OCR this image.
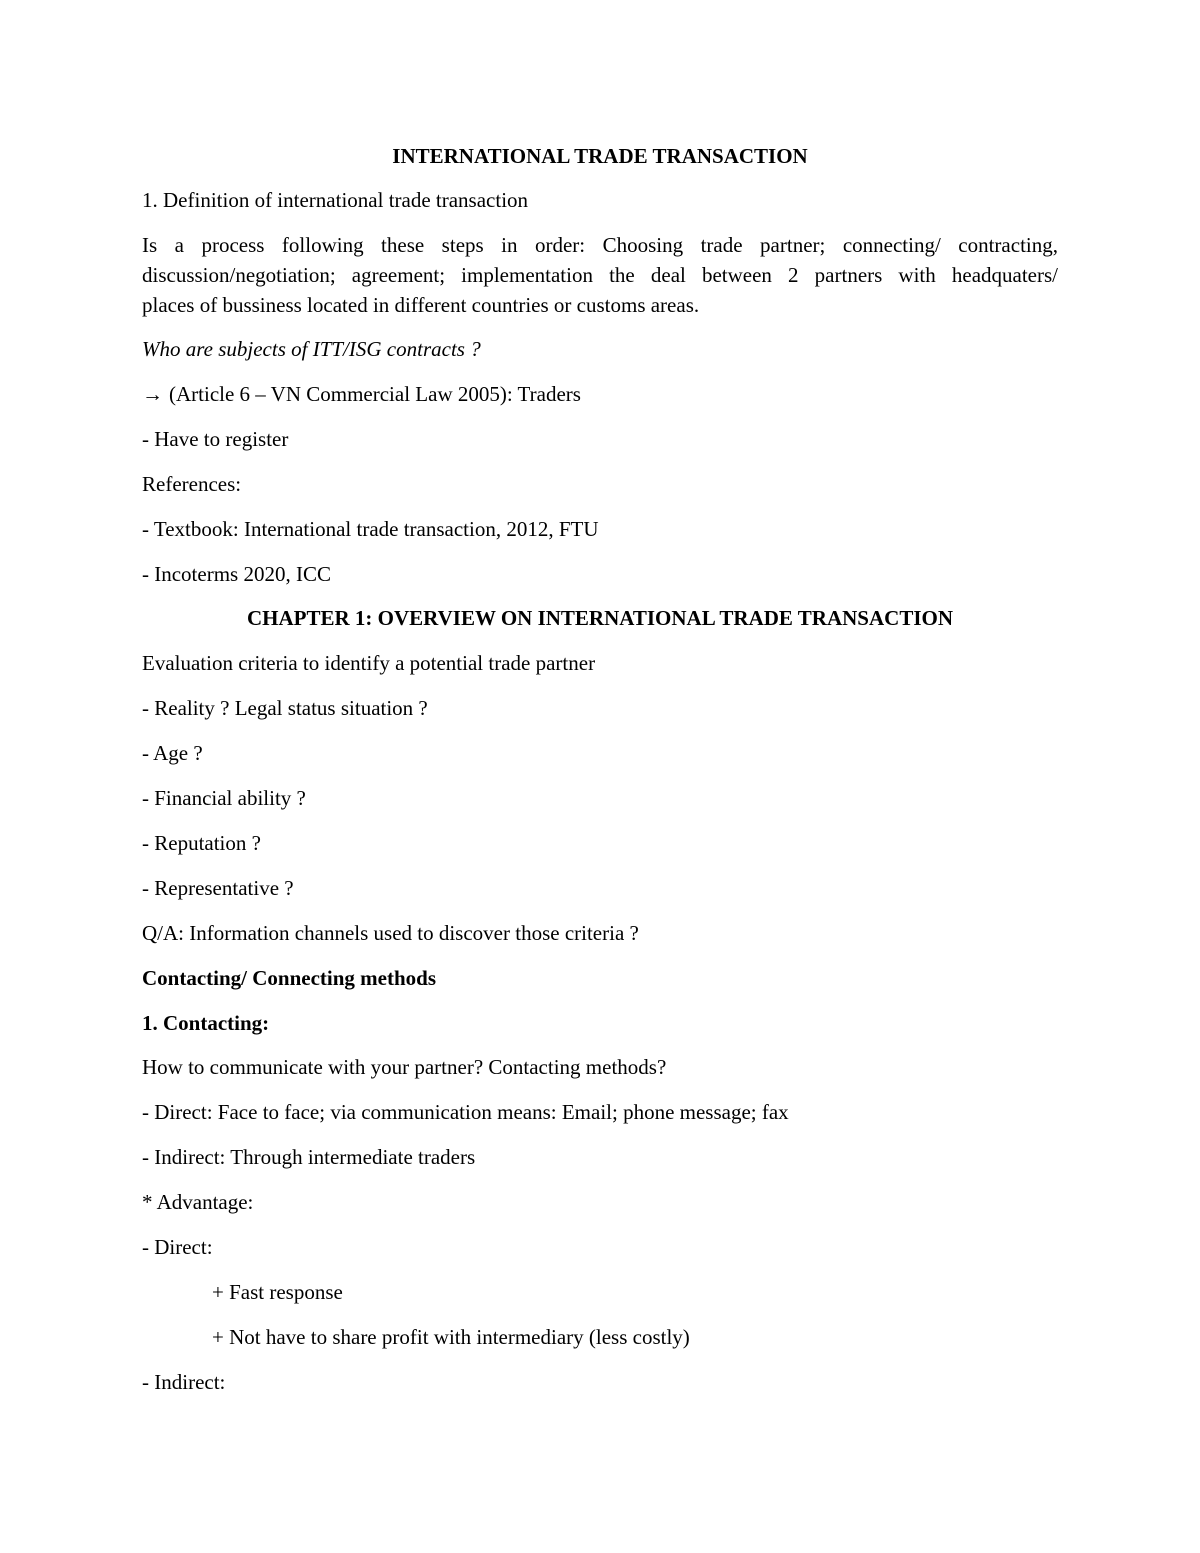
INTERNATIONAL TRADE TRANSACTION

1. Definition of international trade transaction

Is a process following these steps in order: Choosing trade partner; connecting/ contracting,

discussion/negotiation; agreement; implementation the deal between 2 partners with headquaters/

places of bussiness located in different countries or customs areas.

Who are subjects of ITT/ISG contracts ?

→ (Article 6 – VN Commercial Law 2005): Traders

- Have to register

References:

- Textbook: International trade transaction, 2012, FTU

- Incoterms 2020, ICC

CHAPTER 1: OVERVIEW ON INTERNATIONAL TRADE TRANSACTION

Evaluation criteria to identify a potential trade partner

- Reality ? Legal status situation ?

- Age ?

- Financial ability ?

- Reputation ?

- Representative ?

Q/A: Information channels used to discover those criteria ?

Contacting/ Connecting methods

1. Contacting:

How to communicate with your partner? Contacting methods?

- Direct: Face to face; via communication means: Email; phone message; fax

- Indirect: Through intermediate traders

* Advantage:

- Direct:

+ Fast response

+ Not have to share profit with intermediary (less costly)

- Indirect:
